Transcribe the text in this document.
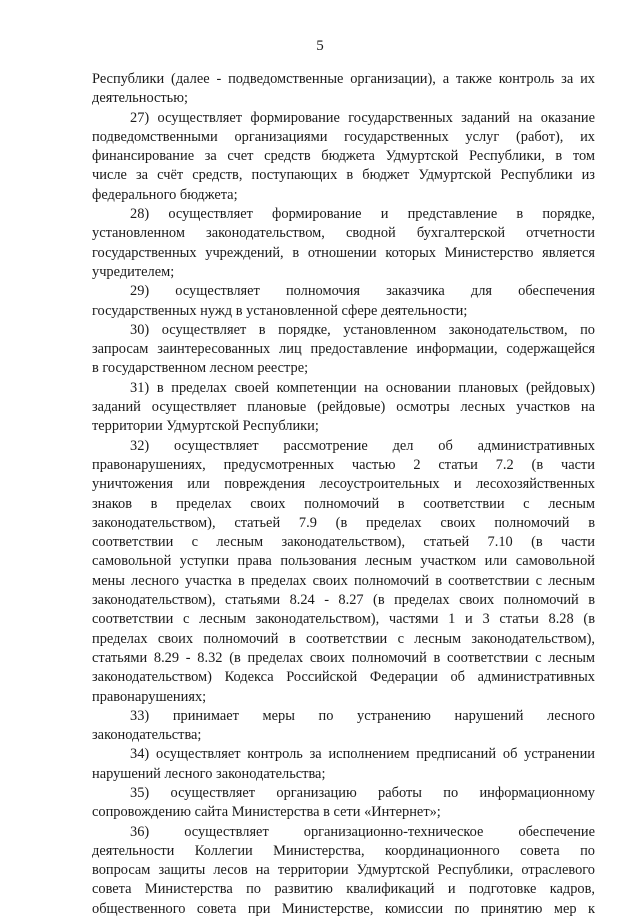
5
Республики (далее - подведомственные организации), а также контроль за их
деятельностью;
27) осуществляет формирование государственных заданий на оказание
подведомственными организациями государственных услуг (работ), их
финансирование за счет средств бюджета Удмуртской Республики, в том
числе за счёт средств, поступающих в бюджет Удмуртской Республики из
федерального бюджета;
28) осуществляет формирование и представление в порядке,
установленном законодательством, сводной бухгалтерской отчетности
государственных учреждений, в отношении которых Министерство является
учредителем;
29) осуществляет полномочия заказчика для обеспечения
государственных нужд в установленной сфере деятельности;
30) осуществляет в порядке, установленном законодательством, по
запросам заинтересованных лиц предоставление информации, содержащейся
в государственном лесном реестре;
31) в пределах своей компетенции на основании плановых (рейдовых)
заданий осуществляет плановые (рейдовые) осмотры лесных участков на
территории Удмуртской Республики;
32) осуществляет рассмотрение дел об административных
правонарушениях, предусмотренных частью 2 статьи 7.2 (в части
уничтожения или повреждения лесоустроительных и лесохозяйственных
знаков в пределах своих полномочий в соответствии с лесным
законодательством), статьей 7.9 (в пределах своих полномочий в
соответствии с лесным законодательством), статьей 7.10 (в части
самовольной уступки права пользования лесным участком или самовольной
мены лесного участка в пределах своих полномочий в соответствии с лесным
законодательством), статьями 8.24 - 8.27 (в пределах своих полномочий в
соответствии с лесным законодательством), частями 1 и 3 статьи 8.28 (в
пределах своих полномочий в соответствии с лесным законодательством),
статьями 8.29 - 8.32 (в пределах своих полномочий в соответствии с лесным
законодательством) Кодекса Российской Федерации об административных
правонарушениях;
33) принимает меры по устранению нарушений лесного
законодательства;
34) осуществляет контроль за исполнением предписаний об устранении
нарушений лесного законодательства;
35) осуществляет организацию работы по информационному
сопровождению сайта Министерства в сети «Интернет»;
36) осуществляет организационно-техническое обеспечение
деятельности Коллегии Министерства, координационного совета по
вопросам защиты лесов на территории Удмуртской Республики, отраслевого
совета Министерства по развитию квалификаций и подготовке кадров,
общественного совета при Министерстве, комиссии по принятию мер к
